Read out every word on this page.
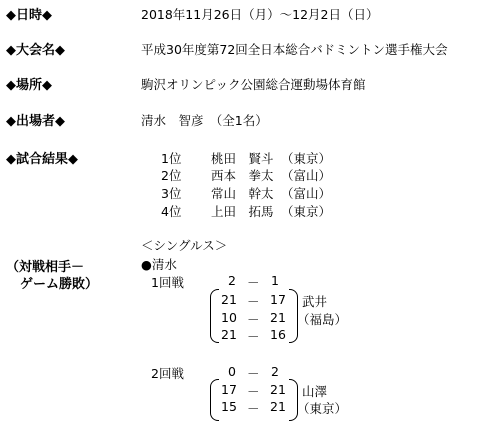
◆日時◆	2018年11月26日（月）～12月2日（日）
◆大会名◆	平成30年度第72回全日本総合バドミントン選手権大会
◆場所◆	駒沢オリンピック公園総合運動場体育館
◆出場者◆	清水　智彦　（全1名）
◆試合結果◆	1位 桃田　賢斗 （東京）
2位 西本　拳太 （富山）
3位 常山　幹太 （富山）
4位 上田　拓馬 （東京）
（対戦相手－
ゲーム勝敗）
＜シングルス＞
●清水
1回戦	2 － 1
21 － 17
10 － 21
21 － 16
武井
（福島）
2回戦	0 － 2
17 － 21
15 － 21
山澤
（東京）
